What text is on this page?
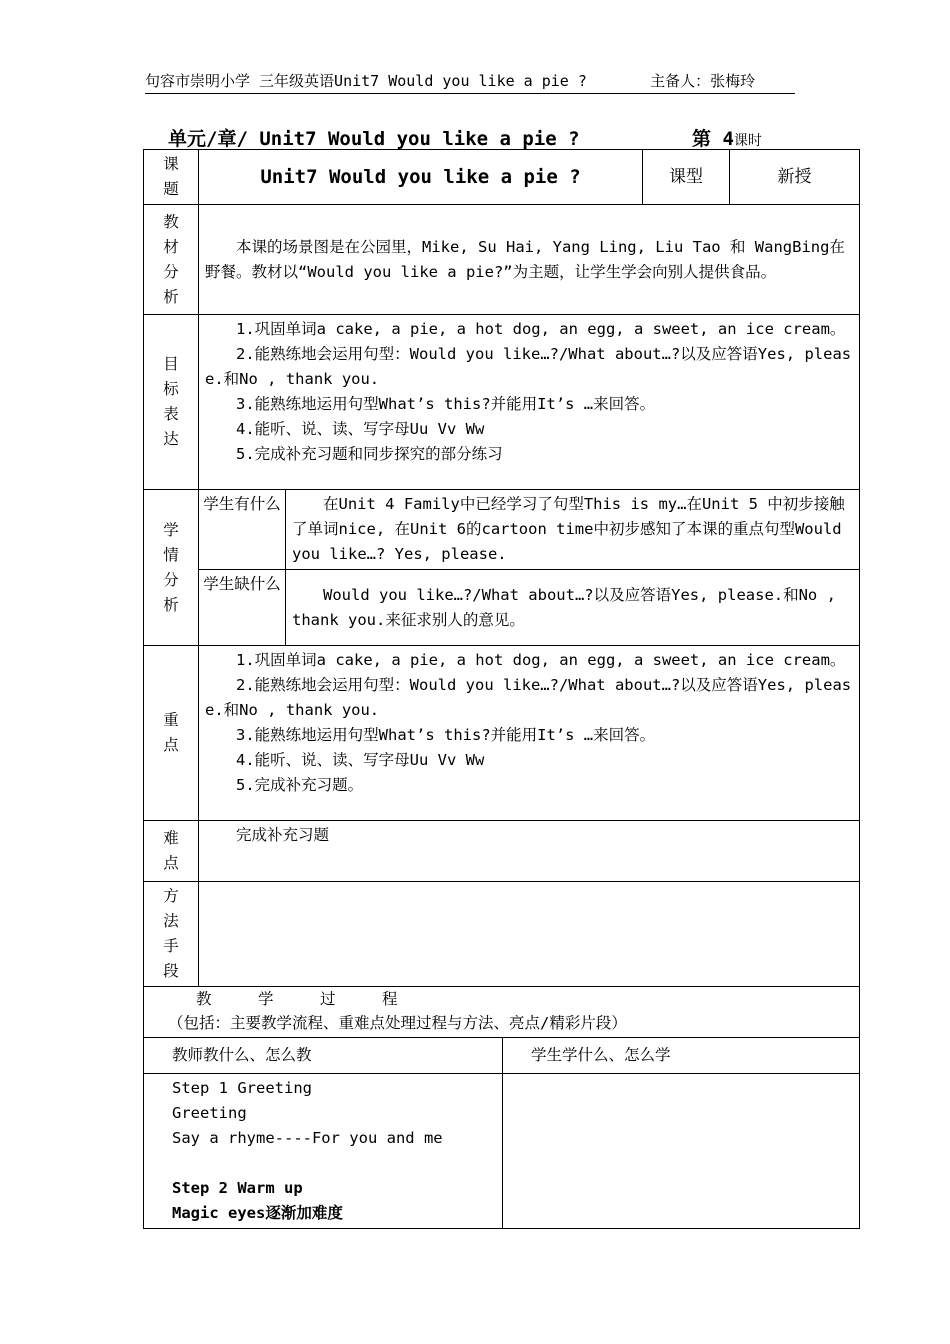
句容市崇明小学 三年级英语Unit7 Would you like a pie ?	主备人：张梅玲
单元/章/ Unit7 Would you like a pie ?	第 4课时
课题	Unit7 Would you like a pie ?			课型	新授
教材分析	本课的场景图是在公园里，Mike, Su Hai, Yang Ling, Liu Tao 和 WangBing在野餐。教材以“Would you like a pie?”为主题，让学生学会向别人提供食品。				

目标表达	1.巩固单词a cake, a pie, a hot dog, an egg, a sweet, an ice cream。
2.能熟练地会运用句型：Would you like…?/What about…?以及应答语Yes, please.和No , thank you.
3.能熟练地运用句型What’s this?并能用It’s …来回答。
4.能听、说、读、写字母Uu Vv Ww
5.完成补充习题和同步探究的部分练习				

学情分析	学生有什么	在Unit 4 Family中已经学习了句型This is my…在Unit 5 中初步接触了单词nice, 在Unit 6的cartoon time中初步感知了本课的重点句型Would you like…? Yes, please.			

	学生缺什么	Would you like…?/What about…?以及应答语Yes, please.和No , thank you.来征求别人的意见。			

重点	1.巩固单词a cake, a pie, a hot dog, an egg, a sweet, an ice cream。
2.能熟练地会运用句型：Would you like…?/What about…?以及应答语Yes, please.和No , thank you.
3.能熟练地运用句型What’s this?并能用It’s …来回答。
4.能听、说、读、写字母Uu Vv Ww
5.完成补充习题。				

难点	完成补充习题				

方法手段					

教学过程
（包括：主要教学流程、重难点处理过程与方法、亮点/精彩片段）					

教师教什么、怎么教			学生学什么、怎么学		

Step 1 Greeting
Greeting
Say a rhyme----For you and me
Step 2 Warm up
Magic eyes逐渐加难度					
